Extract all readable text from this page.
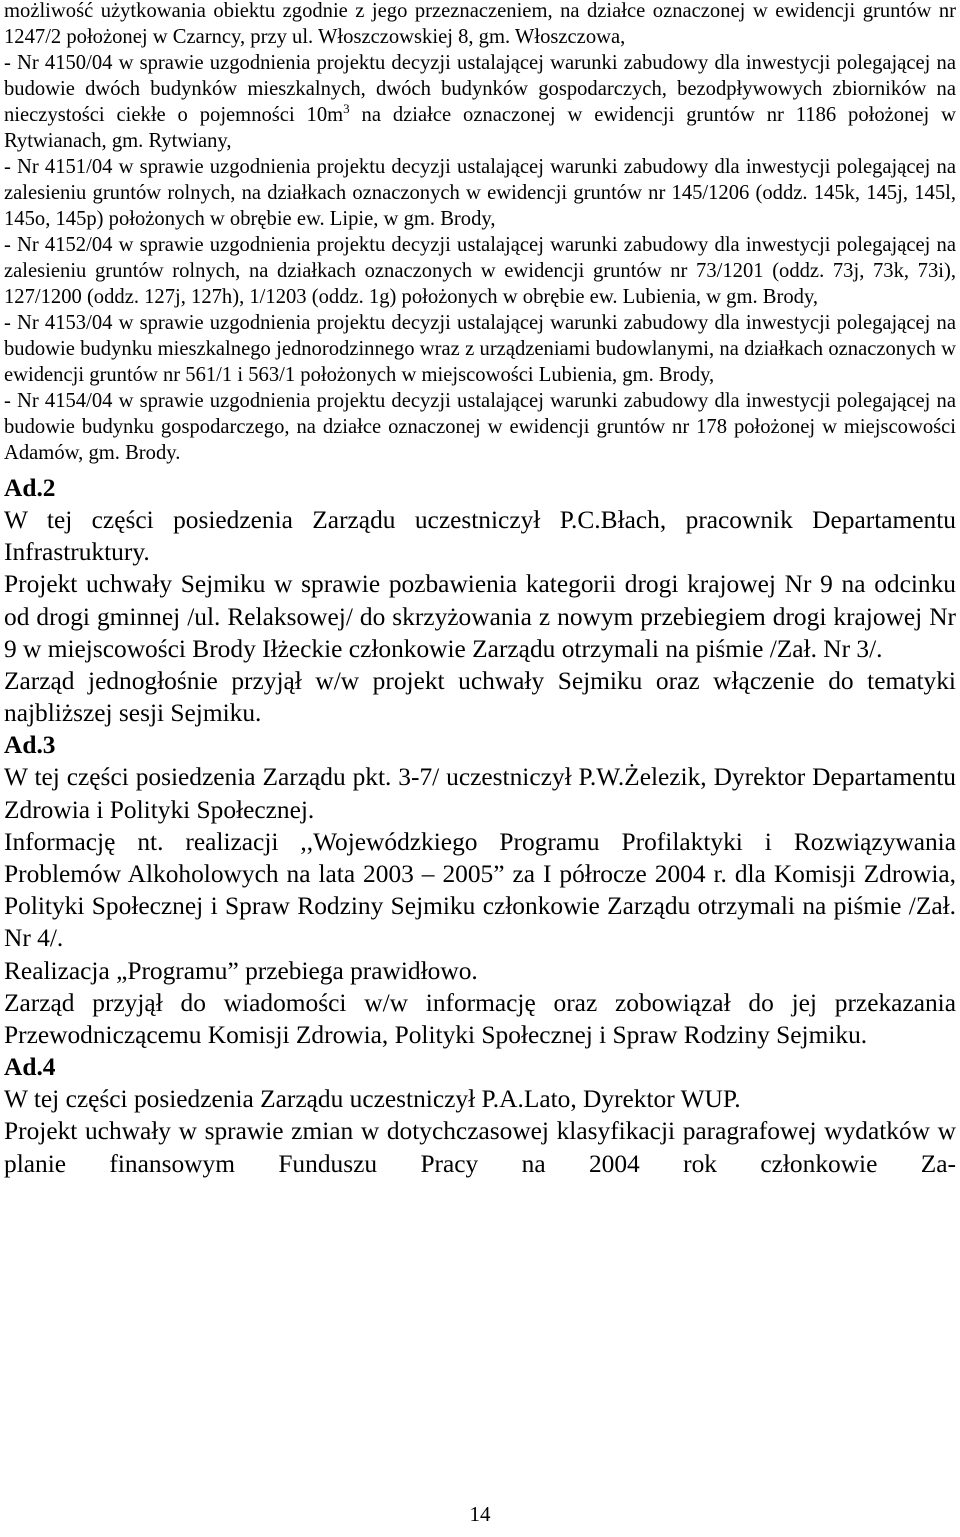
możliwość użytkowania obiektu zgodnie z jego przeznaczeniem, na działce oznaczonej w ewidencji gruntów nr 1247/2 położonej w Czarncy, przy ul. Włoszczowskiej 8, gm. Włoszczowa,

- Nr 4150/04 w sprawie uzgodnienia projektu decyzji ustalającej warunki zabudowy dla inwestycji polegającej na budowie dwóch budynków mieszkalnych, dwóch budynków gospodarczych, bezodpływowych zbiorników na nieczystości ciekłe o pojemności $10m^3$ na działce oznaczonej w ewidencji gruntów nr 1186 położonej w Rytwianach, gm. Rytwiany,

- Nr 4151/04 w sprawie uzgodnienia projektu decyzji ustalającej warunki zabudowy dla inwestycji polegającej na zalesieniu gruntów rolnych, na działkach oznaczonych w ewidencji gruntów nr 145/1206 (oddz. 145k, 145j, 145l, 145o, 145p) położonych w obrębie ew. Lipie, w gm. Brody,

- Nr 4152/04 w sprawie uzgodnienia projektu decyzji ustalającej warunki zabudowy dla inwestycji polegającej na zalesieniu gruntów rolnych, na działkach oznaczonych w ewidencji gruntów nr 73/1201 (oddz. 73j, 73k, 73i), 127/1200 (oddz. 127j, 127h), 1/1203 (oddz. 1g) położonych w obrębie ew. Lubienia, w gm. Brody,

- Nr 4153/04 w sprawie uzgodnienia projektu decyzji ustalającej warunki zabudowy dla inwestycji polegającej na budowie budynku mieszkalnego jednorodzinnego wraz z urządzeniami budowlanymi, na działkach oznaczonych w ewidencji gruntów nr 561/1 i 563/1 położonych w miejscowości Lubienia, gm. Brody,

- Nr 4154/04 w sprawie uzgodnienia projektu decyzji ustalającej warunki zabudowy dla inwestycji polegającej na budowie budynku gospodarczego, na działce oznaczonej w ewidencji gruntów nr 178 położonej w miejscowości Adamów, gm. Brody.

Ad.2

W tej części posiedzenia Zarządu uczestniczył P.C.Błach, pracownik Departamentu Infrastruktury.

Projekt uchwały Sejmiku w sprawie pozbawienia kategorii drogi krajowej Nr 9 na odcinku od drogi gminnej /ul. Relaksowej/ do skrzyżowania z nowym przebiegiem drogi krajowej Nr 9 w miejscowości Brody Iłżeckie członkowie Zarządu otrzymali na piśmie /Zał. Nr 3/.

Zarząd jednogłośnie przyjął w/w projekt uchwały Sejmiku oraz włączenie do tematyki najbliższej sesji Sejmiku.

Ad.3

W tej części posiedzenia Zarządu pkt. 3-7/ uczestniczył P.W.Żelezik, Dyrektor Departamentu Zdrowia i Polityki Społecznej.

Informację nt. realizacji ,,Wojewódzkiego Programu Profilaktyki i Rozwiązywania Problemów Alkoholowych na lata 2003 – 2005” za I półrocze 2004 r. dla Komisji Zdrowia, Polityki Społecznej i Spraw Rodziny Sejmiku członkowie Zarządu otrzymali na piśmie /Zał. Nr 4/.

Realizacja „Programu” przebiega prawidłowo.

Zarząd przyjął do wiadomości w/w informację oraz zobowiązał do jej przekazania Przewodniczącemu Komisji Zdrowia, Polityki Społecznej i Spraw Rodziny Sejmiku.

Ad.4

W tej części posiedzenia Zarządu uczestniczył P.A.Lato, Dyrektor WUP.

Projekt uchwały w sprawie zmian w dotychczasowej klasyfikacji paragrafowej wydatków w planie finansowym Funduszu Pracy na 2004 rok członkowie Za-

14
